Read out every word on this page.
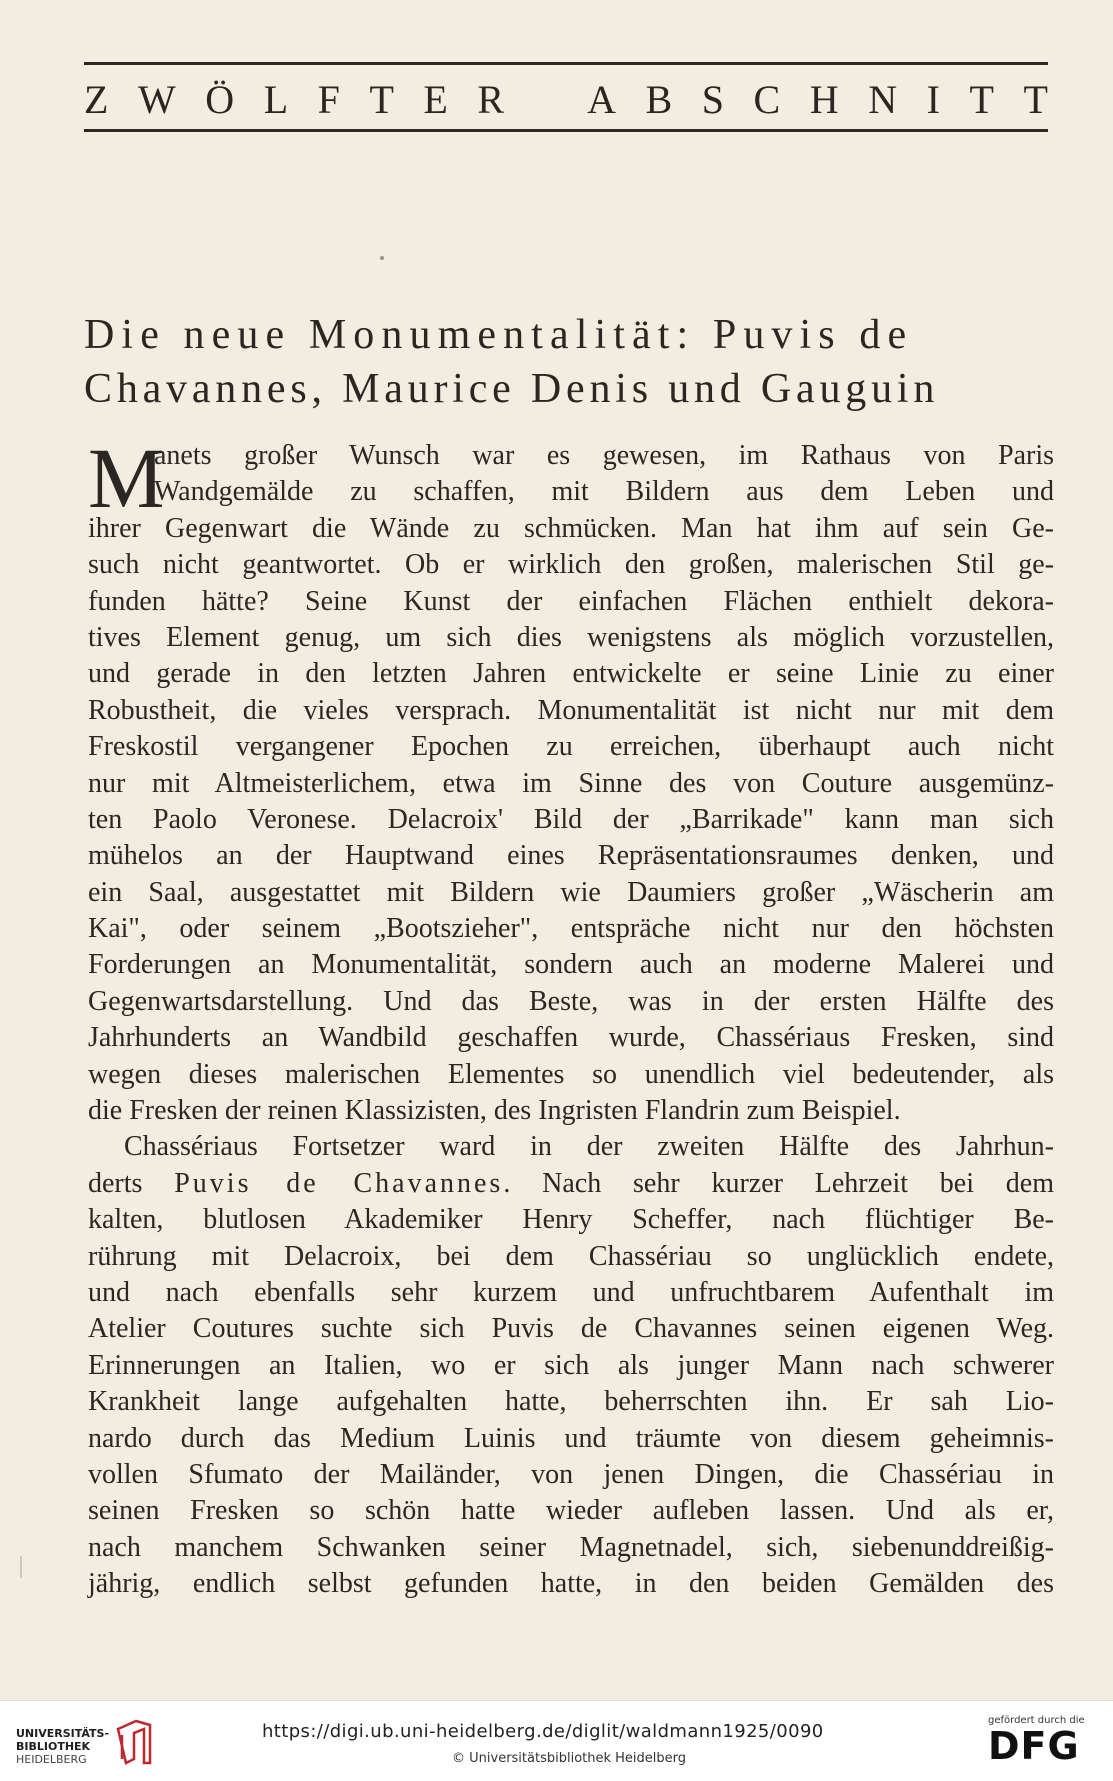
Z W Ö L F T E R A B S C H N I T T
Die neue Monumentalität: Puvis de
Chavannes, Maurice Denis und Gauguin
M
anets großer Wunsch war es gewesen, im Rathaus von Paris
Wandgemälde zu schaffen, mit Bildern aus dem Leben und
ihrer Gegenwart die Wände zu schmücken. Man hat ihm auf sein Ge-
such nicht geantwortet. Ob er wirklich den großen, malerischen Stil ge-
funden hätte? Seine Kunst der einfachen Flächen enthielt dekora-
tives Element genug, um sich dies wenigstens als möglich vorzustellen,
und gerade in den letzten Jahren entwickelte er seine Linie zu einer
Robustheit, die vieles versprach. Monumentalität ist nicht nur mit dem
Freskostil vergangener Epochen zu erreichen, überhaupt auch nicht
nur mit Altmeisterlichem, etwa im Sinne des von Couture ausgemünz-
ten Paolo Veronese. Delacroix' Bild der „Barrikade" kann man sich
mühelos an der Hauptwand eines Repräsentationsraumes denken, und
ein Saal, ausgestattet mit Bildern wie Daumiers großer „Wäscherin am
Kai", oder seinem „Bootszieher", entspräche nicht nur den höchsten
Forderungen an Monumentalität, sondern auch an moderne Malerei und
Gegenwartsdarstellung. Und das Beste, was in der ersten Hälfte des
Jahrhunderts an Wandbild geschaffen wurde, Chassériaus Fresken, sind
wegen dieses malerischen Elementes so unendlich viel bedeutender, als
die Fresken der reinen Klassizisten, des Ingristen Flandrin zum Beispiel.
Chassériaus Fortsetzer ward in der zweiten Hälfte des Jahrhun-
derts Puvis de Chavannes. Nach sehr kurzer Lehrzeit bei dem
kalten, blutlosen Akademiker Henry Scheffer, nach flüchtiger Be-
rührung mit Delacroix, bei dem Chassériau so unglücklich endete,
und nach ebenfalls sehr kurzem und unfruchtbarem Aufenthalt im
Atelier Coutures suchte sich Puvis de Chavannes seinen eigenen Weg.
Erinnerungen an Italien, wo er sich als junger Mann nach schwerer
Krankheit lange aufgehalten hatte, beherrschten ihn. Er sah Lio-
nardo durch das Medium Luinis und träumte von diesem geheimnis-
vollen Sfumato der Mailänder, von jenen Dingen, die Chassériau in
seinen Fresken so schön hatte wieder aufleben lassen. Und als er,
nach manchem Schwanken seiner Magnetnadel, sich, siebenunddreißig-
jährig, endlich selbst gefunden hatte, in den beiden Gemälden des
UNIVERSITÄTS-
BIBLIOTHEK
HEIDELBERG
https://digi.ub.uni-heidelberg.de/diglit/waldmann1925/0090
© Universitätsbibliothek Heidelberg
gefördert durch die
DFG
